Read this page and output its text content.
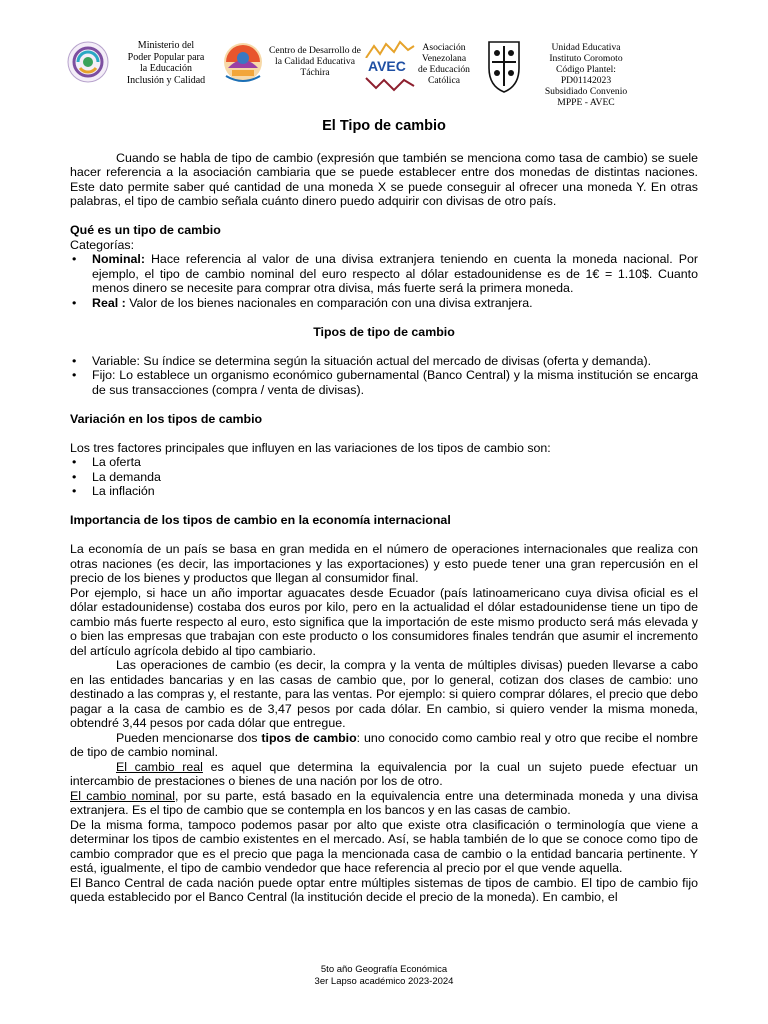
Ministerio del
Poder Popular para
la Educación
Inclusión y Calidad
Centro de Desarrollo de
la Calidad Educativa
Táchira	AVEC
Asociación
Venezolana
de Educación
Católica
Unidad Educativa
Instituto Coromoto
Código Plantel: PD01142023
Subsidiado Convenio
MPPE - AVEC
El Tipo de cambio

Cuando se habla de tipo de cambio (expresión que también se menciona como tasa de cambio) se suele hacer referencia a la asociación cambiaria que se puede establecer entre dos monedas de distintas naciones. Este dato permite saber qué cantidad de una moneda X se puede conseguir al ofrecer una moneda Y. En otras palabras, el tipo de cambio señala cuánto dinero puedo adquirir con divisas de otro país.

Qué es un tipo de cambio
Categorías:
• Nominal: Hace referencia al valor de una divisa extranjera teniendo en cuenta la moneda nacional. Por ejemplo, el tipo de cambio nominal del euro respecto al dólar estadounidense es de 1€ = 1.10$. Cuanto menos dinero se necesite para comprar otra divisa, más fuerte será la primera moneda.
• Real : Valor de los bienes nacionales en comparación con una divisa extranjera.
Tipos de tipo de cambio
• Variable: Su índice se determina según la situación actual del mercado de divisas (oferta y demanda).
• Fijo: Lo establece un organismo económico gubernamental (Banco Central) y la misma institución se encarga de sus transacciones (compra / venta de divisas).
Variación en los tipos de cambio
Los tres factores principales que influyen en las variaciones de los tipos de cambio son:
• La oferta
• La demanda
• La inflación
Importancia de los tipos de cambio en la economía internacional

La economía de un país se basa en gran medida en el número de operaciones internacionales que realiza con otras naciones (es decir, las importaciones y las exportaciones) y esto puede tener una gran repercusión en el precio de los bienes y productos que llegan al consumidor final.

Por ejemplo, si hace un año importar aguacates desde Ecuador (país latinoamericano cuya divisa oficial es el dólar estadounidense) costaba dos euros por kilo, pero en la actualidad el dólar estadounidense tiene un tipo de cambio más fuerte respecto al euro, esto significa que la importación de este mismo producto será más elevada y o bien las empresas que trabajan con este producto o los consumidores finales tendrán que asumir el incremento del artículo agrícola debido al tipo cambiario.

Las operaciones de cambio (es decir, la compra y la venta de múltiples divisas) pueden llevarse a cabo en las entidades bancarias y en las casas de cambio que, por lo general, cotizan dos clases de cambio: uno destinado a las compras y, el restante, para las ventas. Por ejemplo: si quiero comprar dólares, el precio que debo pagar a la casa de cambio es de 3,47 pesos por cada dólar. En cambio, si quiero vender la misma moneda, obtendré 3,44 pesos por cada dólar que entregue.

Pueden mencionarse dos tipos de cambio: uno conocido como cambio real y otro que recibe el nombre de tipo de cambio nominal.

El cambio real es aquel que determina la equivalencia por la cual un sujeto puede efectuar un intercambio de prestaciones o bienes de una nación por los de otro.

El cambio nominal, por su parte, está basado en la equivalencia entre una determinada moneda y una divisa extranjera. Es el tipo de cambio que se contempla en los bancos y en las casas de cambio.

De la misma forma, tampoco podemos pasar por alto que existe otra clasificación o terminología que viene a determinar los tipos de cambio existentes en el mercado. Así, se habla también de lo que se conoce como tipo de cambio comprador que es el precio que paga la mencionada casa de cambio o la entidad bancaria pertinente. Y está, igualmente, el tipo de cambio vendedor que hace referencia al precio por el que vende aquella.

El Banco Central de cada nación puede optar entre múltiples sistemas de tipos de cambio. El tipo de cambio fijo queda establecido por el Banco Central (la institución decide el precio de la moneda). En cambio, el

5to año Geografía Económica
3er Lapso académico 2023-2024
